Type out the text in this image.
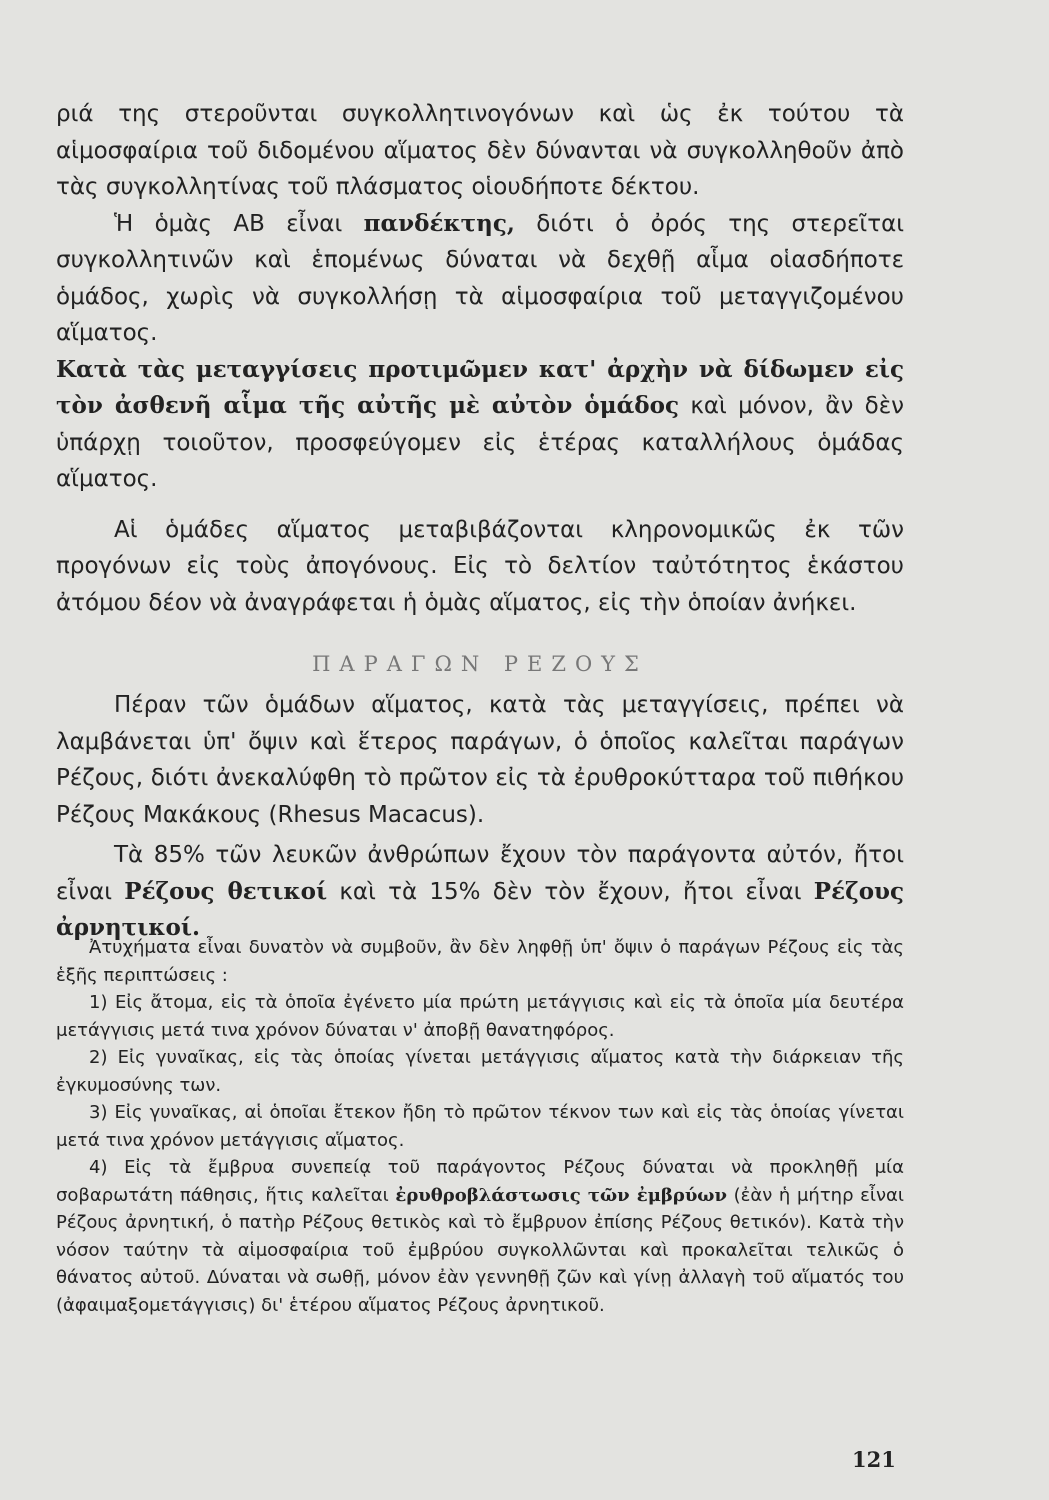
ριά της στεροῦνται συγκολλητινογόνων καὶ ὡς ἐκ τούτου τὰ αἱμοσφαίρια τοῦ διδομένου αἵματος δὲν δύνανται νὰ συγκολληθοῦν ἀπὸ τὰς συγκολλητίνας τοῦ πλάσματος οἱουδήποτε δέκτου.

Ἡ ὁμὰς ΑΒ εἶναι πανδέκτης, διότι ὁ ὀρός της στερεῖται συγκολλητινῶν καὶ ἑπομένως δύναται νὰ δεχθῇ αἷμα οἱασδήποτε ὁμάδος, χωρὶς νὰ συγκολλήσῃ τὰ αἱμοσφαίρια τοῦ μεταγγιζομένου αἵματος.

Κατὰ τὰς μεταγγίσεις προτιμῶμεν κατ' ἀρχὴν νὰ δίδωμεν εἰς τὸν ἀσθενῆ αἷμα τῆς αὐτῆς μὲ αὐτὸν ὁμάδος καὶ μόνον, ἂν δὲν ὑπάρχῃ τοιοῦτον, προσφεύγομεν εἰς ἑτέρας καταλλήλους ὁμάδας αἵματος.

Αἱ ὁμάδες αἵματος μεταβιβάζονται κληρονομικῶς ἐκ τῶν προγόνων εἰς τοὺς ἀπογόνους. Εἰς τὸ δελτίον ταὐτότητος ἑκάστου ἀτόμου δέον νὰ ἀναγράφεται ἡ ὁμὰς αἵματος, εἰς τὴν ὁποίαν ἀνήκει.

ΠΑΡΑΓΩΝ ΡΕΖΟΥΣ

Πέραν τῶν ὁμάδων αἵματος, κατὰ τὰς μεταγγίσεις, πρέπει νὰ λαμβάνεται ὑπ' ὄψιν καὶ ἕτερος παράγων, ὁ ὁποῖος καλεῖται παράγων Ρέζους, διότι ἀνεκαλύφθη τὸ πρῶτον εἰς τὰ ἐρυθροκύτταρα τοῦ πιθήκου Ρέζους Μακάκους (Rhesus Macacus).

Τὰ 85% τῶν λευκῶν ἀνθρώπων ἔχουν τὸν παράγοντα αὐτόν, ἤτοι εἶναι Ρέζους θετικοί καὶ τὰ 15% δὲν τὸν ἔχουν, ἤτοι εἶναι Ρέζους ἀρνητικοί.

Ἀτυχήματα εἶναι δυνατὸν νὰ συμβοῦν, ἂν δὲν ληφθῇ ὑπ' ὄψιν ὁ παράγων Ρέζους εἰς τὰς ἑξῆς περιπτώσεις :

1) Εἰς ἄτομα, εἰς τὰ ὁποῖα ἐγένετο μία πρώτη μετάγγισις καὶ εἰς τὰ ὁποῖα μία δευτέρα μετάγγισις μετά τινα χρόνον δύναται ν' ἀποβῇ θανατηφόρος.

2) Εἰς γυναῖκας, εἰς τὰς ὁποίας γίνεται μετάγγισις αἵματος κατὰ τὴν διάρκειαν τῆς ἐγκυμοσύνης των.

3) Εἰς γυναῖκας, αἱ ὁποῖαι ἔτεκον ἤδη τὸ πρῶτον τέκνον των καὶ εἰς τὰς ὁποίας γίνεται μετά τινα χρόνον μετάγγισις αἵματος.

4) Εἰς τὰ ἔμβρυα συνεπείᾳ τοῦ παράγοντος Ρέζους δύναται νὰ προκληθῇ μία σοβαρωτάτη πάθησις, ἥτις καλεῖται ἐρυθροβλάστωσις τῶν ἐμβρύων (ἐὰν ἡ μήτηρ εἶναι Ρέζους ἀρνητική, ὁ πατὴρ Ρέζους θετικὸς καὶ τὸ ἔμβρυον ἐπίσης Ρέζους θετικόν). Κατὰ τὴν νόσον ταύτην τὰ αἱμοσφαίρια τοῦ ἐμβρύου συγκολλῶνται καὶ προκαλεῖται τελικῶς ὁ θάνατος αὐτοῦ. Δύναται νὰ σωθῇ, μόνον ἐὰν γεννηθῇ ζῶν καὶ γίνῃ ἀλλαγὴ τοῦ αἵματός του (ἀφαιμαξομετάγγισις) δι' ἑτέρου αἵματος Ρέζους ἀρνητικοῦ.

121
